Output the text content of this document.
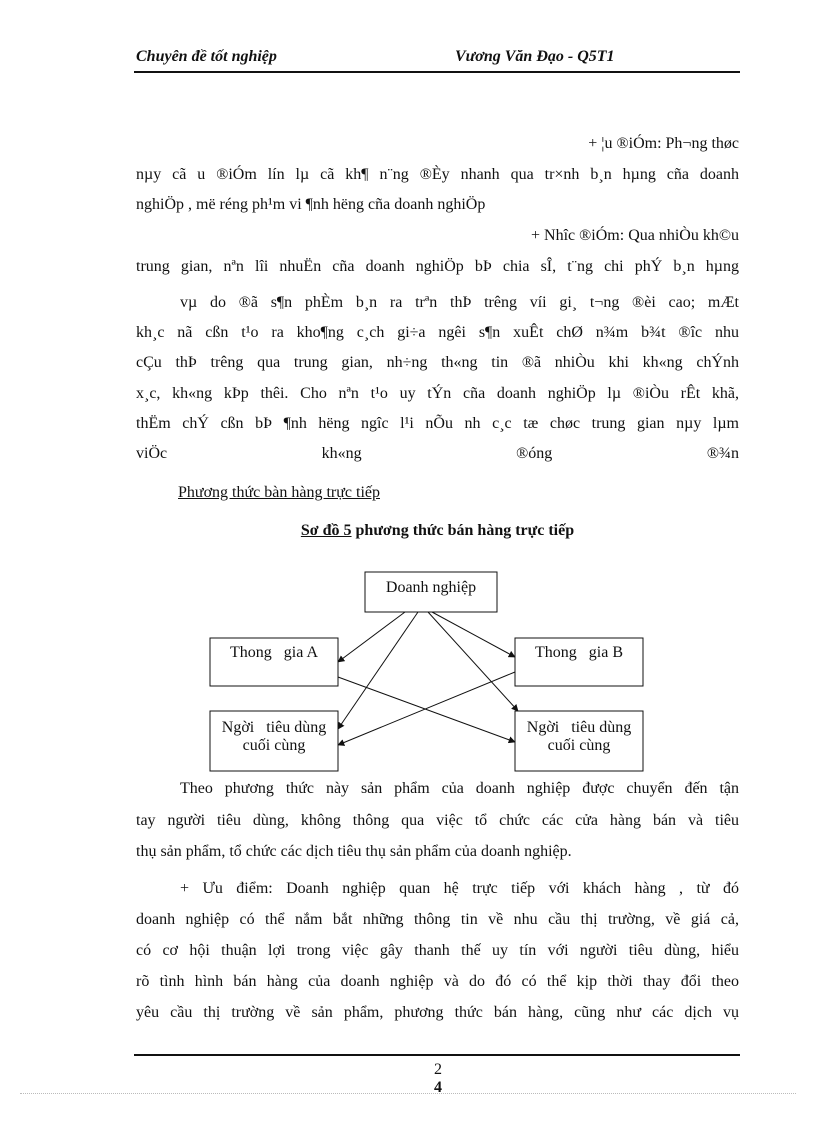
Chuyên đề tốt nghiệp	Vương Văn Đạo - Q5T1
+ ¦u ®iÓm: Ph¬ng thøc
nµy cã u ®iÓm lín lµ cã kh¶ n¨ng ®Èy nhanh qua tr×nh b¸n hµng cña doanh
nghiÖp , më réng ph¹m vi ¶nh hëng cña doanh nghiÖp
+ Nhîc ®iÓm: Qua nhiÒu kh©u
trung gian, nªn lîi nhuËn cña doanh nghiÖp bÞ chia sÎ, t¨ng chi phÝ b¸n hµng
vµ do ®ã s¶n phÈm b¸n ra trªn thÞ trêng víi gi¸ t¬ng ®èi cao; mÆt
kh¸c nã cßn t¹o ra kho¶ng c¸ch gi÷a ngêi s¶n xuÊt chØ n¾m b¾t ®îc nhu
cÇu thÞ trêng qua trung gian, nh÷ng th«ng tin ®ã nhiÒu khi kh«ng chÝnh
x¸c, kh«ng kÞp thêi. Cho nªn t¹o uy tÝn cña doanh nghiÖp lµ ®iÒu rÊt khã,
thËm chÝ cßn bÞ ¶nh hëng ngîc l¹i nÕu nh c¸c tæ chøc trung gian nµy lµm
viÖc kh«ng ®óng ®¾n
Phương thức bàn hàng trực tiếp
Sơ đồ 5 phương thức bán hàng trực tiếp
Doanh nghiệp
Thong   gia A	Thong   gia B
Ngời   tiêu dùng
cuối cùng
Ngời   tiêu dùng
cuối cùng
Theo phương thức này sản phẩm của doanh nghiệp được chuyển đến tận
tay người tiêu dùng, không thông qua việc tổ chức các cửa hàng bán và tiêu
thụ sản phẩm, tổ chức các dịch tiêu thụ sản phẩm của doanh nghiệp.
+ Ưu điểm: Doanh nghiệp quan hệ trực tiếp với khách hàng , từ đó
doanh nghiệp có thể nắm bắt những thông tin về nhu cầu thị trường, về giá cả,
có cơ hội thuận lợi trong việc gây thanh thế uy tín với người tiêu dùng, hiểu
rõ tình hình bán hàng của doanh nghiệp và do đó có thể kịp thời thay đổi theo
yêu cầu thị trường về sản phẩm, phương thức bán hàng, cũng như các dịch vụ
2
4
